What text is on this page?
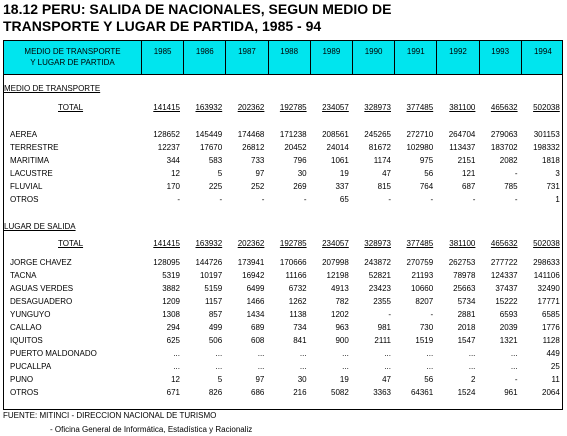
18.12 PERU: SALIDA DE NACIONALES, SEGUN MEDIO DE
TRANSPORTE Y LUGAR DE PARTIDA, 1985 - 94
MEDIO DE TRANSPORTE
Y LUGAR DE PARTIDA
1985	1986	1987	1988	1989	1990	1991	1992	1993	1994
MEDIO DE TRANSPORTE
TOTAL	141415	163932	202362	192785	234057	328973	377485	381100	465632	502038
AEREA	128652	145449	174468	171238	208561	245265	272710	264704	279063	301153
TERRESTRE	12237	17670	26812	20452	24014	81672	102980	113437	183702	198332
MARITIMA	344	583	733	796	1061	1174	975	2151	2082	1818
LACUSTRE	12	5	97	30	19	47	56	121	-	3
FLUVIAL	170	225	252	269	337	815	764	687	785	731
OTROS	-	-	-	-	65	-	-	-	-	1
LUGAR DE SALIDA
TOTAL	141415	163932	202362	192785	234057	328973	377485	381100	465632	502038
JORGE CHAVEZ	128095	144726	173941	170666	207998	243872	270759	262753	277722	298633
TACNA	5319	10197	16942	11166	12198	52821	21193	78978	124337	141106
AGUAS VERDES	3882	5159	6499	6732	4913	23423	10660	25663	37437	32490
DESAGUADERO	1209	1157	1466	1262	782	2355	8207	5734	15222	17771
YUNGUYO	1308	857	1434	1138	1202	-	-	2881	6593	6585
CALLAO	294	499	689	734	963	981	730	2018	2039	1776
IQUITOS	625	506	608	841	900	2111	1519	1547	1321	1128
PUERTO MALDONADO	...	...	...	...	...	...	...	...	...	449
PUCALLPA	...	...	...	...	...	...	...	...	...	25
PUNO	12	5	97	30	19	47	56	2	-	11
OTROS	671	826	686	216	5082	3363	64361	1524	961	2064
FUENTE: MITINCI - DIRECCION NACIONAL DE TURISMO
- Oficina General de Informática, Estadística y Racionaliz
